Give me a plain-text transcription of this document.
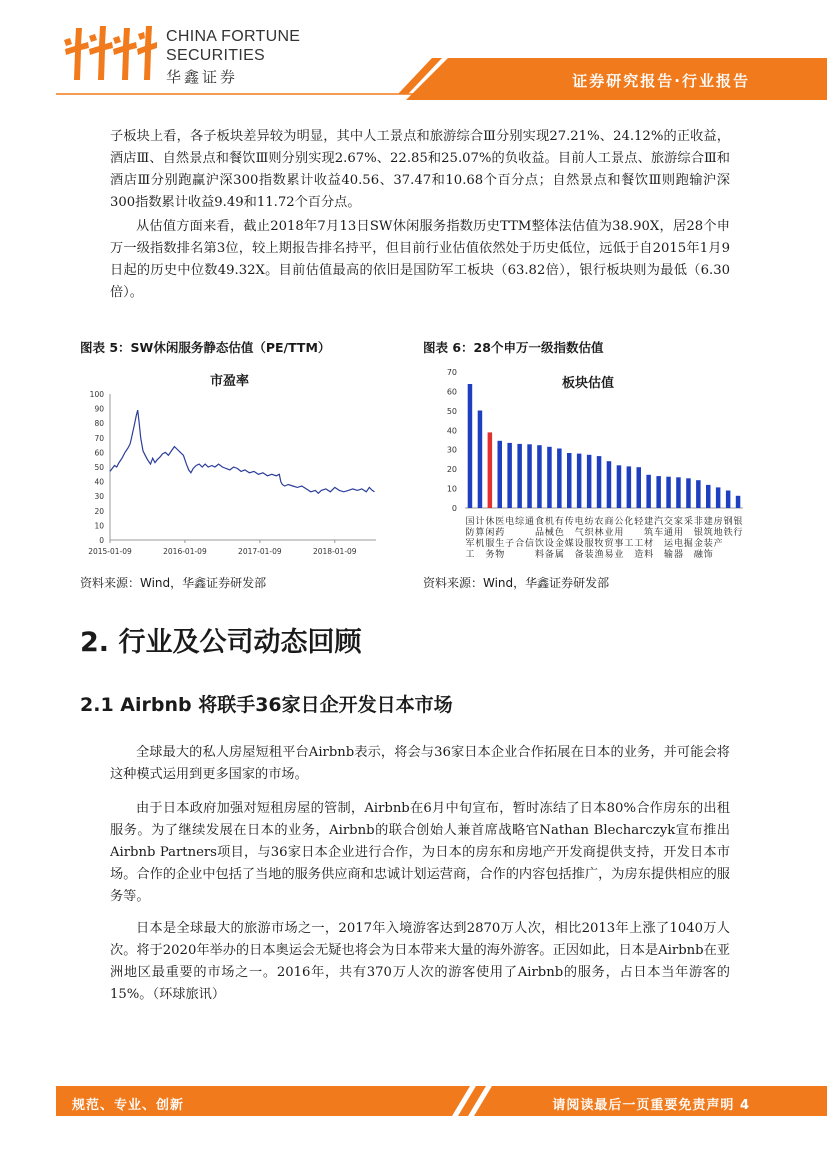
CHINA FORTUNE
SECURITIES
华鑫证券	证券研究报告·行业报告
子板块上看，各子板块差异较为明显，其中人工景点和旅游综合Ⅲ分别实现27.21%、24.12%的正收益，酒店Ⅲ、自然景点和餐饮Ⅲ则分别实现2.67%、22.85和25.07%的负收益。目前人工景点、旅游综合Ⅲ和酒店Ⅲ分别跑赢沪深300指数累计收益40.56、37.47和10.68个百分点；自然景点和餐饮Ⅲ则跑输沪深300指数累计收益9.49和11.72个百分点。
从估值方面来看，截止2018年7月13日SW休闲服务指数历史TTM整体法估值为38.90X，居28个申万一级指数排名第3位，较上期报告排名持平，但目前行业估值依然处于历史低位，远低于自2015年1月9日起的历史中位数49.32X。目前估值最高的依旧是国防军工板块（63.82倍），银行板块则为最低（6.30倍）。
图表 5：SW休闲服务静态估值（PE/TTM）	图表 6：28个申万一级指数估值
市盈率
0
10
20
30
40
50
60
70
80
90
100
2015-01-09	2016-01-09	2017-01-09	2018-01-09
板块估值
0
10
20
30
40
50
60
70
国
防
军
工
计
算
机
休
闲
服
务
医
药
生
物
电
子
综
合
通
信
食
品
饮
料
机
械
设
备
有
色
金
属
传
媒
电
气
设
备
纺
织
服
装
农
林
牧
渔
商
业
贸
易
公
用
事
业
化
工
轻
工
造
建
筑
材
料
汽
车
交
通
运
输
家
用
电
器
采
掘
非
银
金
融
建
筑
装
饰
房
地
产
钢
铁
银
行
资料来源：Wind，华鑫证券研发部	资料来源：Wind，华鑫证券研发部
2. 行业及公司动态回顾
2.1 Airbnb 将联手36家日企开发日本市场
全球最大的私人房屋短租平台Airbnb表示，将会与36家日本企业合作拓展在日本的业务，并可能会将这种模式运用到更多国家的市场。
由于日本政府加强对短租房屋的管制，Airbnb在6月中旬宣布，暂时冻结了日本80%合作房东的出租服务。为了继续发展在日本的业务，Airbnb的联合创始人兼首席战略官Nathan Blecharczyk宣布推出Airbnb Partners项目，与36家日本企业进行合作，为日本的房东和房地产开发商提供支持，开发日本市场。合作的企业中包括了当地的服务供应商和忠诚计划运营商，合作的内容包括推广，为房东提供相应的服务等。
日本是全球最大的旅游市场之一，2017年入境游客达到2870万人次，相比2013年上涨了1040万人次。将于2020年举办的日本奥运会无疑也将会为日本带来大量的海外游客。正因如此，日本是Airbnb在亚洲地区最重要的市场之一。2016年，共有370万人次的游客使用了Airbnb的服务，占日本当年游客的15%。（环球旅讯）
规范、专业、创新	请阅读最后一页重要免责声明 4
